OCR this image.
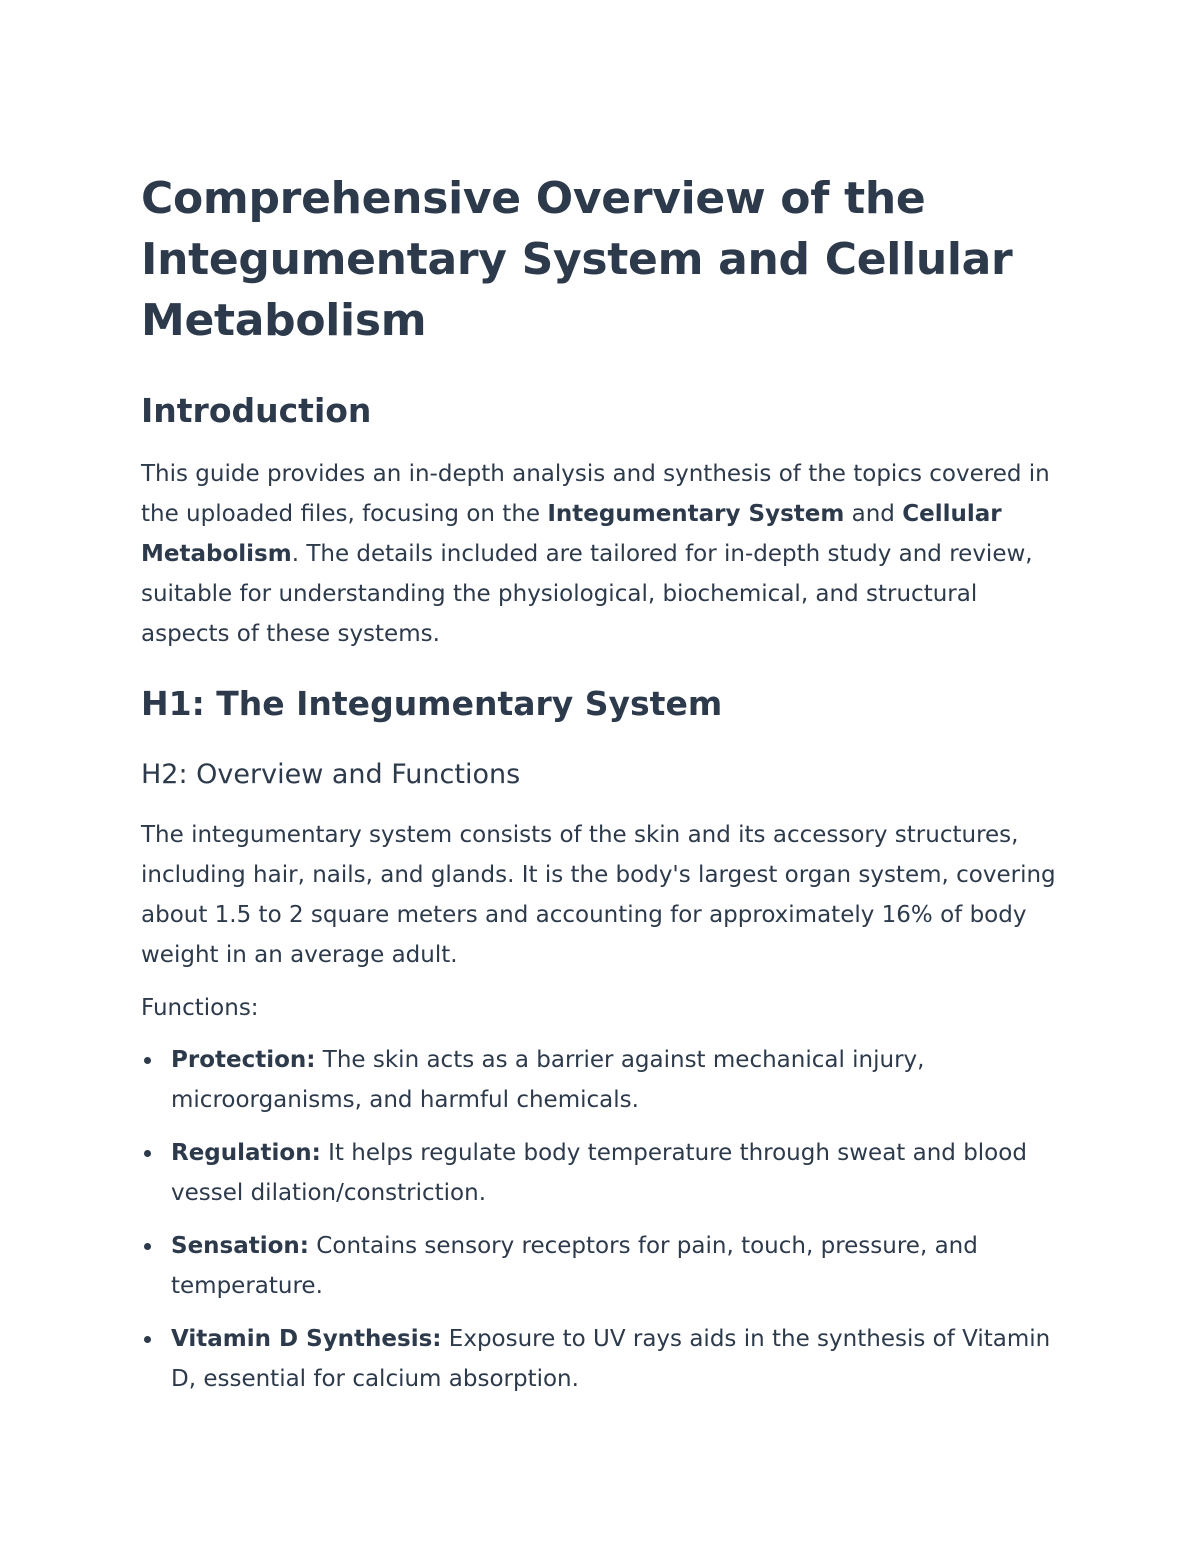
Comprehensive Overview of the Integumentary System and Cellular Metabolism
Introduction

This guide provides an in-depth analysis and synthesis of the topics covered in the uploaded files, focusing on the Integumentary System and Cellular Metabolism. The details included are tailored for in-depth study and review, suitable for understanding the physiological, biochemical, and structural aspects of these systems.

H1: The Integumentary System
H2: Overview and Functions

The integumentary system consists of the skin and its accessory structures, including hair, nails, and glands. It is the body's largest organ system, covering about 1.5 to 2 square meters and accounting for approximately 16% of body weight in an average adult.

Functions:

Protection: The skin acts as a barrier against mechanical injury, microorganisms, and harmful chemicals.
Regulation: It helps regulate body temperature through sweat and blood vessel dilation/constriction.
Sensation: Contains sensory receptors for pain, touch, pressure, and temperature.
Vitamin D Synthesis: Exposure to UV rays aids in the synthesis of Vitamin D, essential for calcium absorption.
